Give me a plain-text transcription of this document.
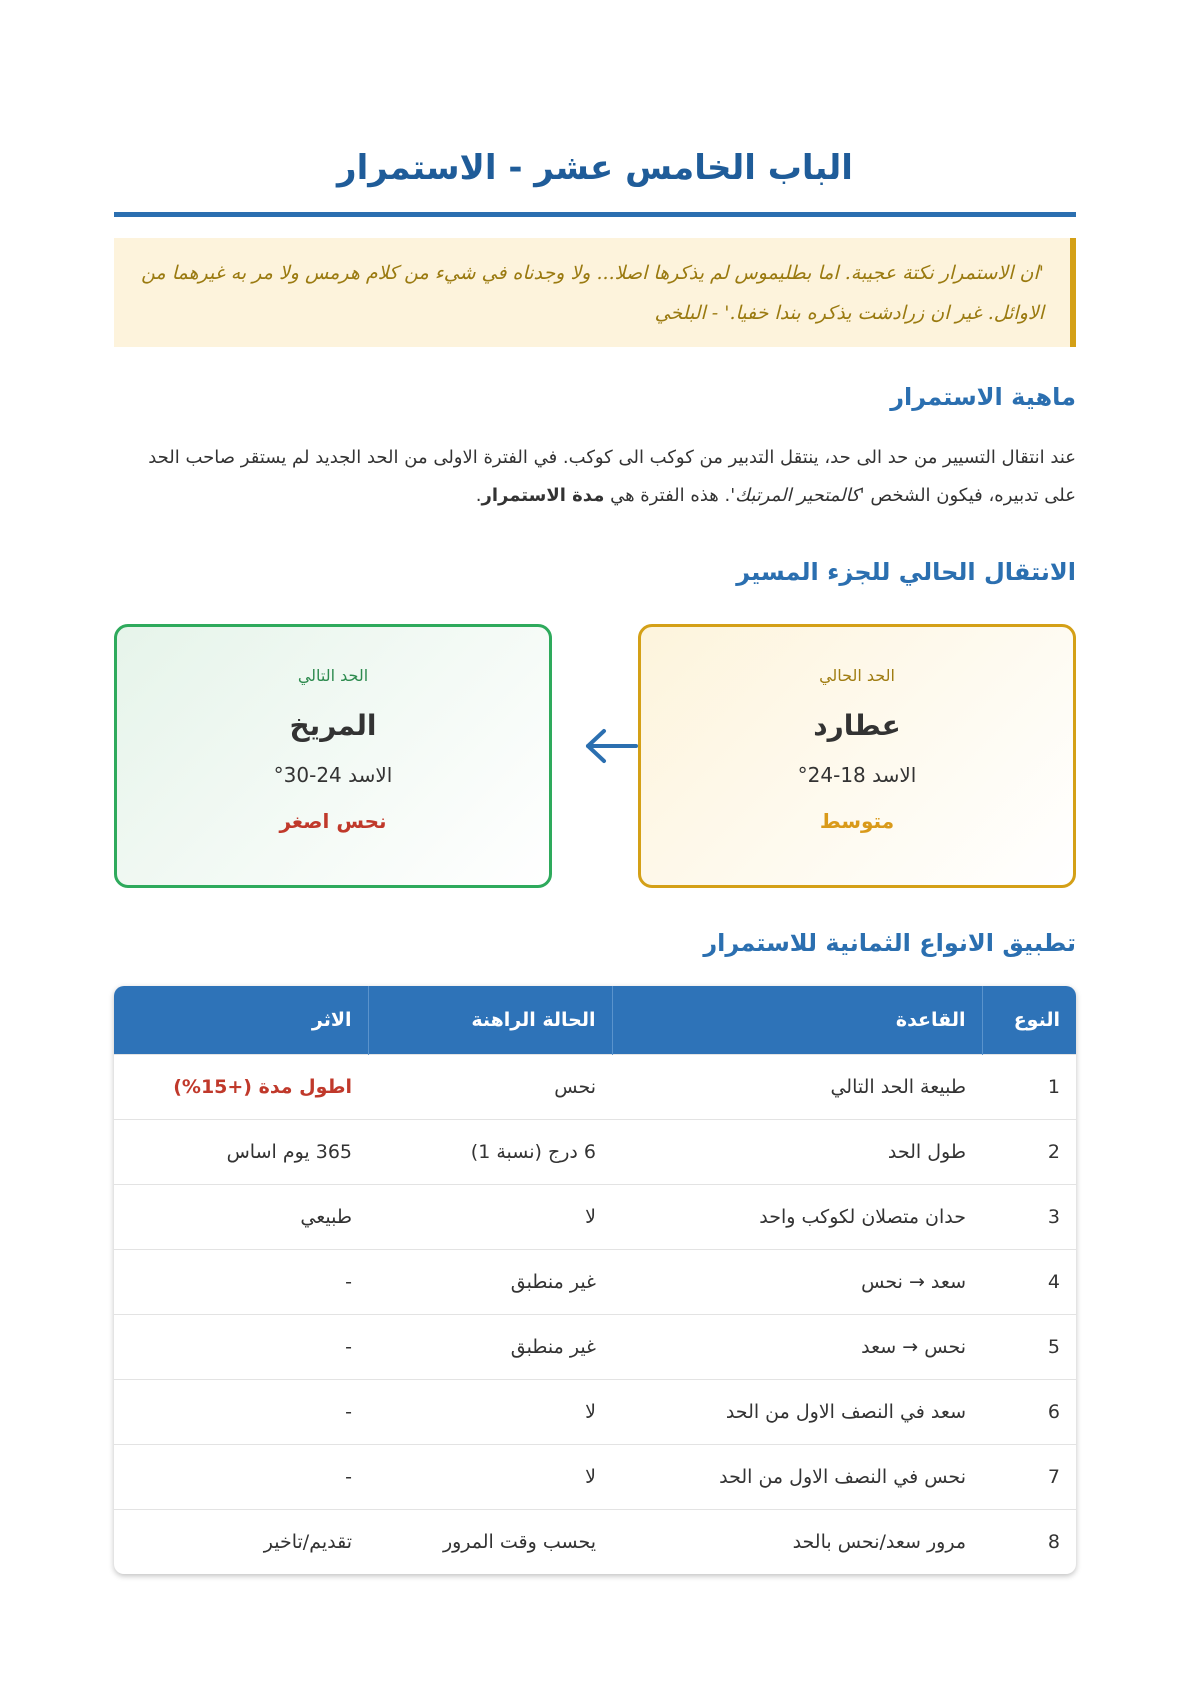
الباب الخامس عشر - الاستمرار
'ان الاستمرار نكتة عجيبة. اما بطليموس لم يذكرها اصلا... ولا وجدناه في شيء من كلام هرمس ولا مر به غيرهما من الاوائل. غير ان زرادشت يذكره بندا خفيا.' - البلخي
ماهية الاستمرار

عند انتقال التسيير من حد الى حد، ينتقل التدبير من كوكب الى كوكب. في الفترة الاولى من الحد الجديد لم يستقر صاحب الحد على تدبيره، فيكون الشخص 'كالمتحير المرتبك'. هذه الفترة هي مدة الاستمرار.

الانتقال الحالي للجزء المسير
الحد الحالي
عطارد
الاسد 18-24°
متوسط
الحد التالي
المريخ
الاسد 24-30°
نحس اصغر
تطبيق الانواع الثمانية للاستمرار
النوع	القاعدة	الحالة الراهنة	الاثر
1	طبيعة الحد التالي	نحس	اطول مدة (+15%)
2	طول الحد	6 درج (نسبة 1)	365 يوم اساس
3	حدان متصلان لكوكب واحد	لا	طبيعي
4	سعد → نحس	غير منطبق	-
5	نحس → سعد	غير منطبق	-
6	سعد في النصف الاول من الحد	لا	-
7	نحس في النصف الاول من الحد	لا	-
8	مرور سعد/نحس بالحد	يحسب وقت المرور	تقديم/تاخير
